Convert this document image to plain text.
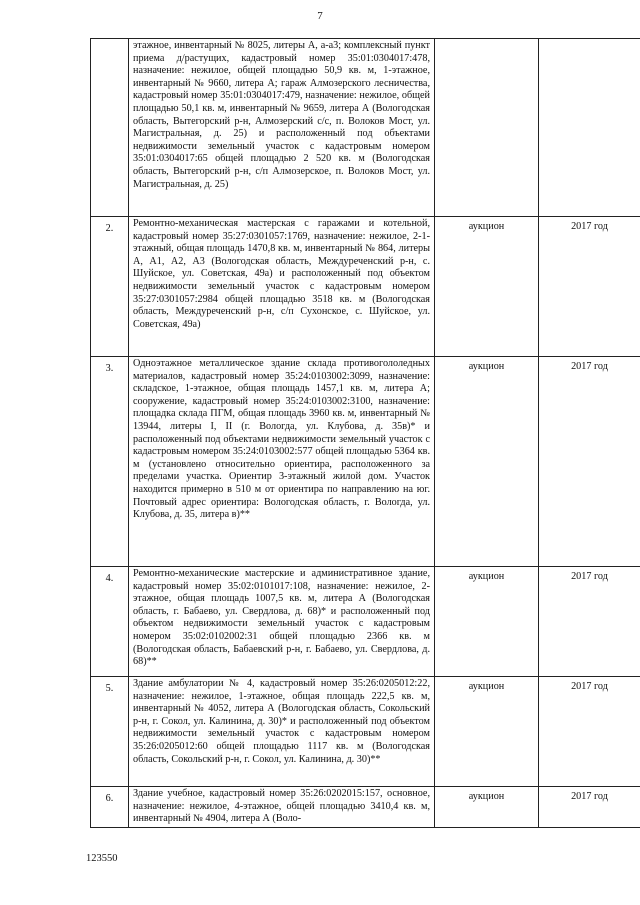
7

	этажное, инвентарный № 8025, литеры А, а-а3; комплексный пункт приема д/растущих, кадастровый номер 35:01:0304017:478, назначение: нежилое, общей площадью 50,9 кв. м, 1-этажное, инвентарный № 9660, литера А; гараж Алмозерского лесничества, кадастровый номер 35:01:0304017:479, назначение: нежилое, общей площадью 50,1 кв. м, инвентарный № 9659, литера А (Вологодская область, Вытегорский р-н, Алмозерский с/с, п. Волоков Мост, ул. Магистральная, д. 25) и расположенный под объектами недвижимости земельный участок с кадастровым номером 35:01:0304017:65 общей площадью 2 520 кв. м (Вологодская область, Вытегорский р-н, с/п Алмозерское, п. Волоков Мост, ул. Магистральная, д. 25)		

2.	Ремонтно-механическая мастерская с гаражами и котельной, кадастровый номер 35:27:0301057:1769, назначение: нежилое, 2-1-этажный, общая площадь 1470,8 кв. м, инвентарный № 864, литеры А, А1, А2, А3 (Вологодская область, Междуреченский р-н, с. Шуйское, ул. Советская, 49а) и расположенный под объектом недвижимости земельный участок с кадастровым номером 35:27:0301057:2984 общей площадью 3518 кв. м (Вологодская область, Междуреченский р-н, с/п Сухонское, с. Шуйское, ул. Советская, 49а)	аукцион	2017 год
3.	Одноэтажное металлическое здание склада противогололедных материалов, кадастровый номер 35:24:0103002:3099, назначение: складское, 1-этажное, общая площадь 1457,1 кв. м, литера А; сооружение, кадастровый номер 35:24:0103002:3100, назначение: площадка склада ПГМ, общая площадь 3960 кв. м, инвентарный № 13944, литеры I, II (г. Вологда, ул. Клубова, д. 35в)* и расположенный под объектами недвижимости земельный участок с кадастровым номером 35:24:0103002:577 общей площадью 5364 кв. м (установлено относительно ориентира, расположенного за пределами участка. Ориентир 3-этажный жилой дом. Участок находится примерно в 510 м от ориентира по направлению на юг. Почтовый адрес ориентира: Вологодская область, г. Вологда, ул. Клубова, д. 35, литера в)**	аукцион	2017 год
4.	Ремонтно-механические мастерские и административное здание, кадастровый номер 35:02:0101017:108, назначение: нежилое, 2-этажное, общая площадь 1007,5 кв. м, литера А (Вологодская область, г. Бабаево, ул. Свердлова, д. 68)* и расположенный под объектом недвижимости земельный участок с кадастровым номером 35:02:0102002:31 общей площадью 2366 кв. м (Вологодская область, Бабаевский р-н, г. Бабаево, ул. Свердлова, д. 68)**	аукцион	2017 год
5.	Здание амбулатории № 4, кадастровый номер 35:26:0205012:22, назначение: нежилое, 1-этажное, общая площадь 222,5 кв. м, инвентарный № 4052, литера А (Вологодская область, Сокольский р-н, г. Сокол, ул. Калинина, д. 30)* и расположенный под объектом недвижимости земельный участок с кадастровым номером 35:26:0205012:60 общей площадью 1117 кв. м (Вологодская область, Сокольский р-н, г. Сокол, ул. Калинина, д. 30)**	аукцион	2017 год
6.	Здание учебное, кадастровый номер 35:26:0202015:157, основное, назначение: нежилое, 4-этажное, общей площадью 3410,4 кв. м, инвентарный № 4904, литера А (Воло-	аукцион	2017 год
123550
